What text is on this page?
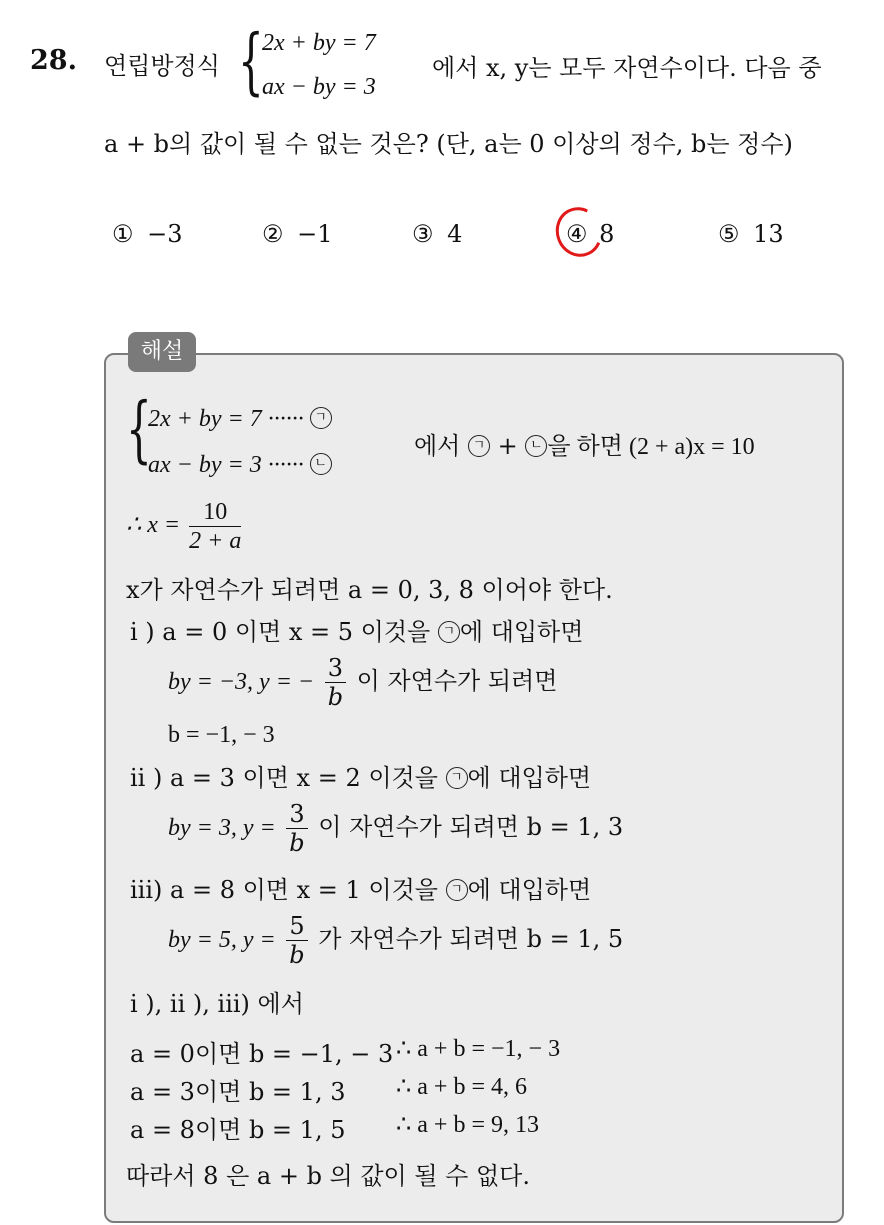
28. 연립방정식 {
2x + by = 7
ax − by = 3
에서 x, y는 모두 자연수이다. 다음 중
a + b의 값이 될 수 없는 것은? (단, a는 0 이상의 정수, b는 정수)
① −3	② −1	③ 4	④ 8	⑤ 13
해설
{
2x + by = 7 ······ ㄱ
ax − by = 3 ······ ㄴ
에서 ㄱ + ㄴ 을 하면 (2 + a)x = 10
∴ $x = \frac{10}{2 + a}$
x가 자연수가 되려면 a = 0, 3, 8 이어야 한다.
i ) a = 0 이면 x = 5 이것을 ㄱ 에 대입하면
by = −3, y = − $\frac{3}{b}$ 이 자연수가 되려면
b = −1, − 3
ii ) a = 3 이면 x = 2 이것을 ㄱ 에 대입하면
by = 3, $y = \frac{3}{b}$ 이 자연수가 되려면 b = 1, 3
iii) a = 8 이면 x = 1 이것을 ㄱ 에 대입하면
by = 5, $y = \frac{5}{b}$ 가 자연수가 되려면 b = 1, 5
i ), ii ), iii) 에서
a = 0이면 b = −1, − 3 ∴ a + b = −1, − 3
a = 3이면 b = 1, 3 ∴ a + b = 4, 6
a = 8이면 b = 1, 5 ∴ a + b = 9, 13
따라서 8 은 a + b 의 값이 될 수 없다.
